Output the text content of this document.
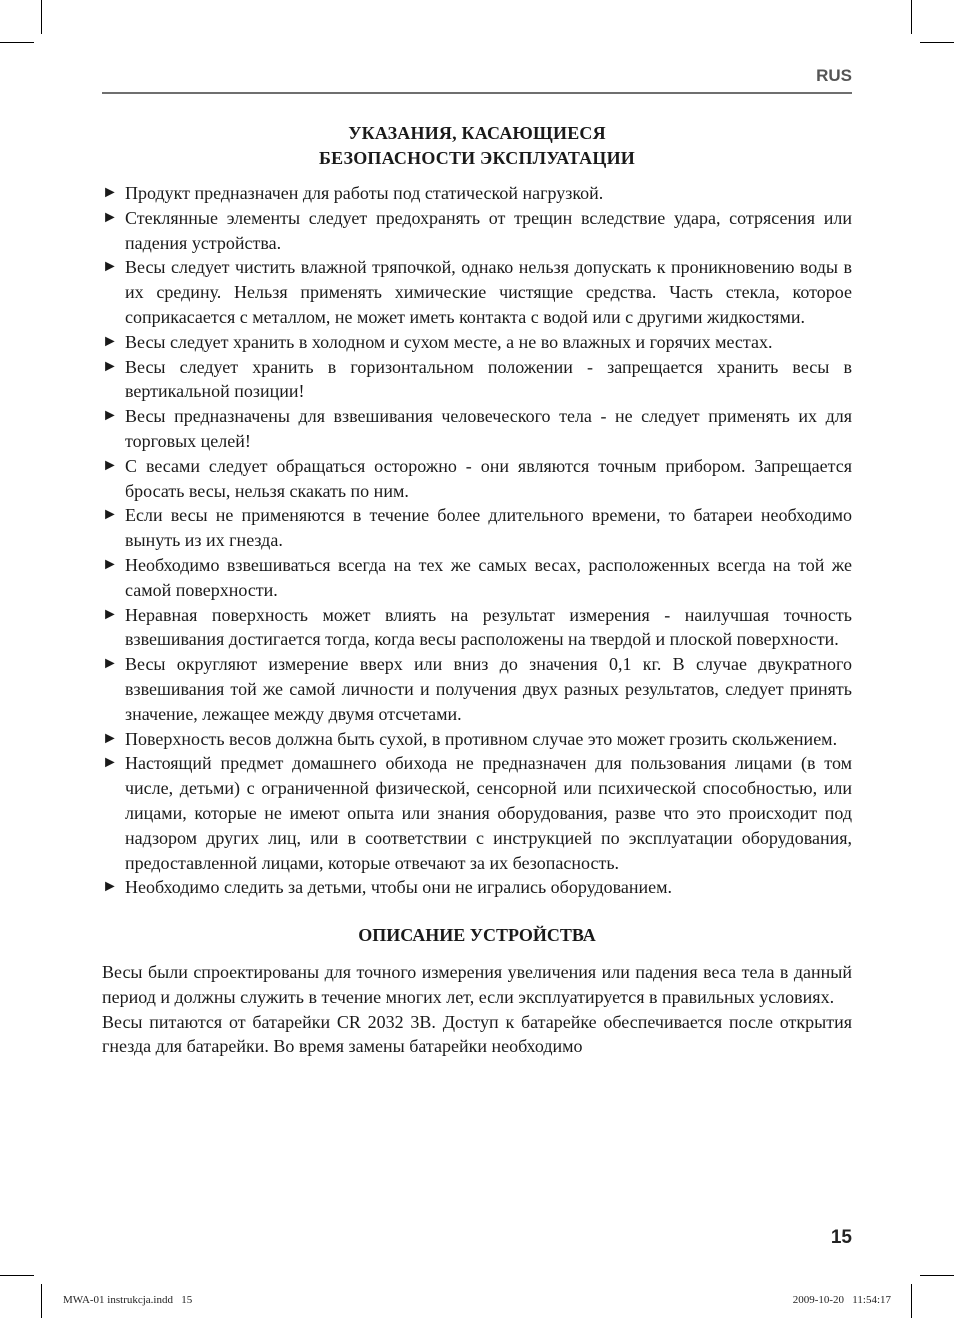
RUS
УКАЗАНИЯ, КАСАЮЩИЕСЯ
БЕЗОПАСНОСТИ ЭКСПЛУАТАЦИИ
► Продукт предназначен для работы под статической нагрузкой.
► Стеклянные элементы следует предохранять от трещин вследствие удара, сотрясения или падения устройства.
► Весы следует чистить влажной тряпочкой, однако нельзя допускать к проникновению воды в их средину. Нельзя применять химические чистящие средства. Часть стекла, которое соприкасается с металлом, не может иметь контакта с водой или с другими жидкостями.
► Весы следует хранить в холодном и сухом месте, а не во влажных и горячих местах.
► Весы следует хранить в горизонтальном положении - запрещается хранить весы в вертикальной позиции!
► Весы предназначены для взвешивания человеческого тела - не следует применять их для торговых целей!
► С весами следует обращаться осторожно - они являются точным прибором. Запрещается бросать весы, нельзя скакать по ним.
► Если весы не применяются в течение более длительного времени, то батареи необходимо вынуть из их гнезда.
► Необходимо взвешиваться всегда на тех же самых весах, расположенных всегда на той же самой поверхности.
► Неравная поверхность может влиять на результат измерения - наилучшая точность взвешивания достигается тогда, когда весы расположены на твердой и плоской поверхности.
► Весы округляют измерение вверх или вниз до значения 0,1 кг. В случае двукратного взвешивания той же самой личности и получения двух разных результатов, следует принять значение, лежащее между двумя отсчетами.
► Поверхность весов должна быть сухой, в противном случае это может грозить скольжением.
► Настоящий предмет домашнего обихода не предназначен для пользования лицами (в том числе, детьми) с ограниченной физической, сенсорной или психической способностью, или лицами, которые не имеют опыта или знания оборудования, разве что это происходит под надзором других лиц, или в соответствии с инструкцией по эксплуатации оборудования, предоставленной лицами, которые отвечают за их безопасность.
► Необходимо следить за детьми, чтобы они не игрались оборудованием.
ОПИСАНИЕ УСТРОЙСТВА

Весы были спроектированы для точного измерения увеличения или падения веса тела в данный период и должны служить в течение многих лет, если эксплуатируется в правильных условиях.

Весы питаются от батарейки CR 2032 3В. Доступ к батарейке обеспечивается после открытия гнезда для батарейки. Во время замены батарейки необходимо

15
MWA-01 instrukcja.indd   15	2009-10-20   11:54:17
